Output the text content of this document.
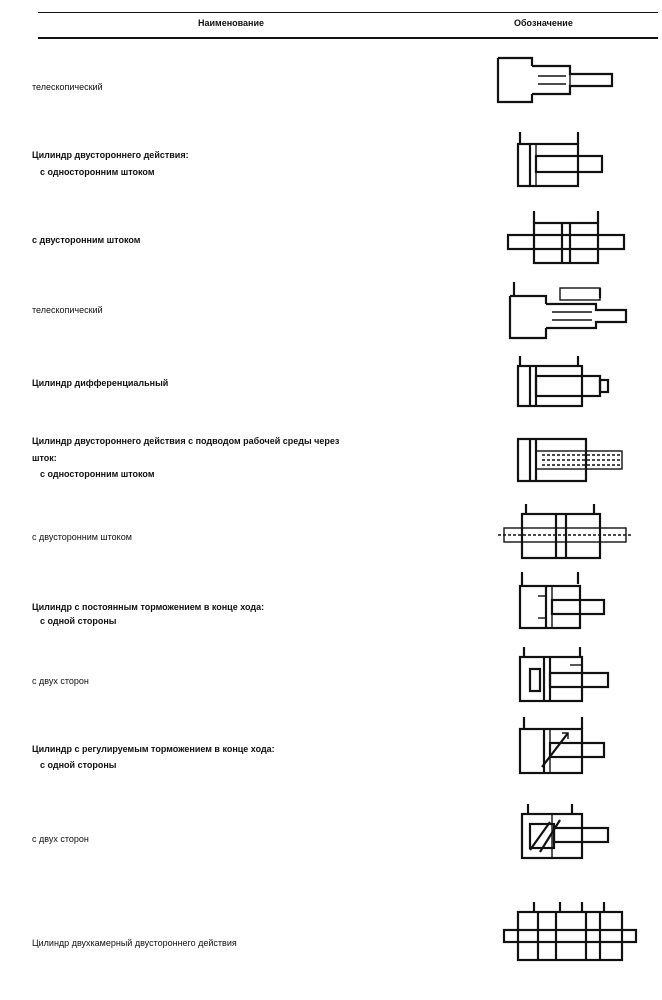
Наименование	Обозначение
телескопический
Цилиндр двустороннего действия:
с односторонним штоком
с двусторонним штоком
телескопический
Цилиндр дифференциальный
Цилиндр двустороннего действия с подводом рабочей среды через
шток:
с односторонним штоком
с двусторонним штоком
Цилиндр с постоянным торможением в конце хода:
с одной стороны
с двух сторон
Цилиндр с регулируемым торможением в конце хода:
с одной стороны
с двух сторон
Цилиндр двухкамерный двустороннего действия
